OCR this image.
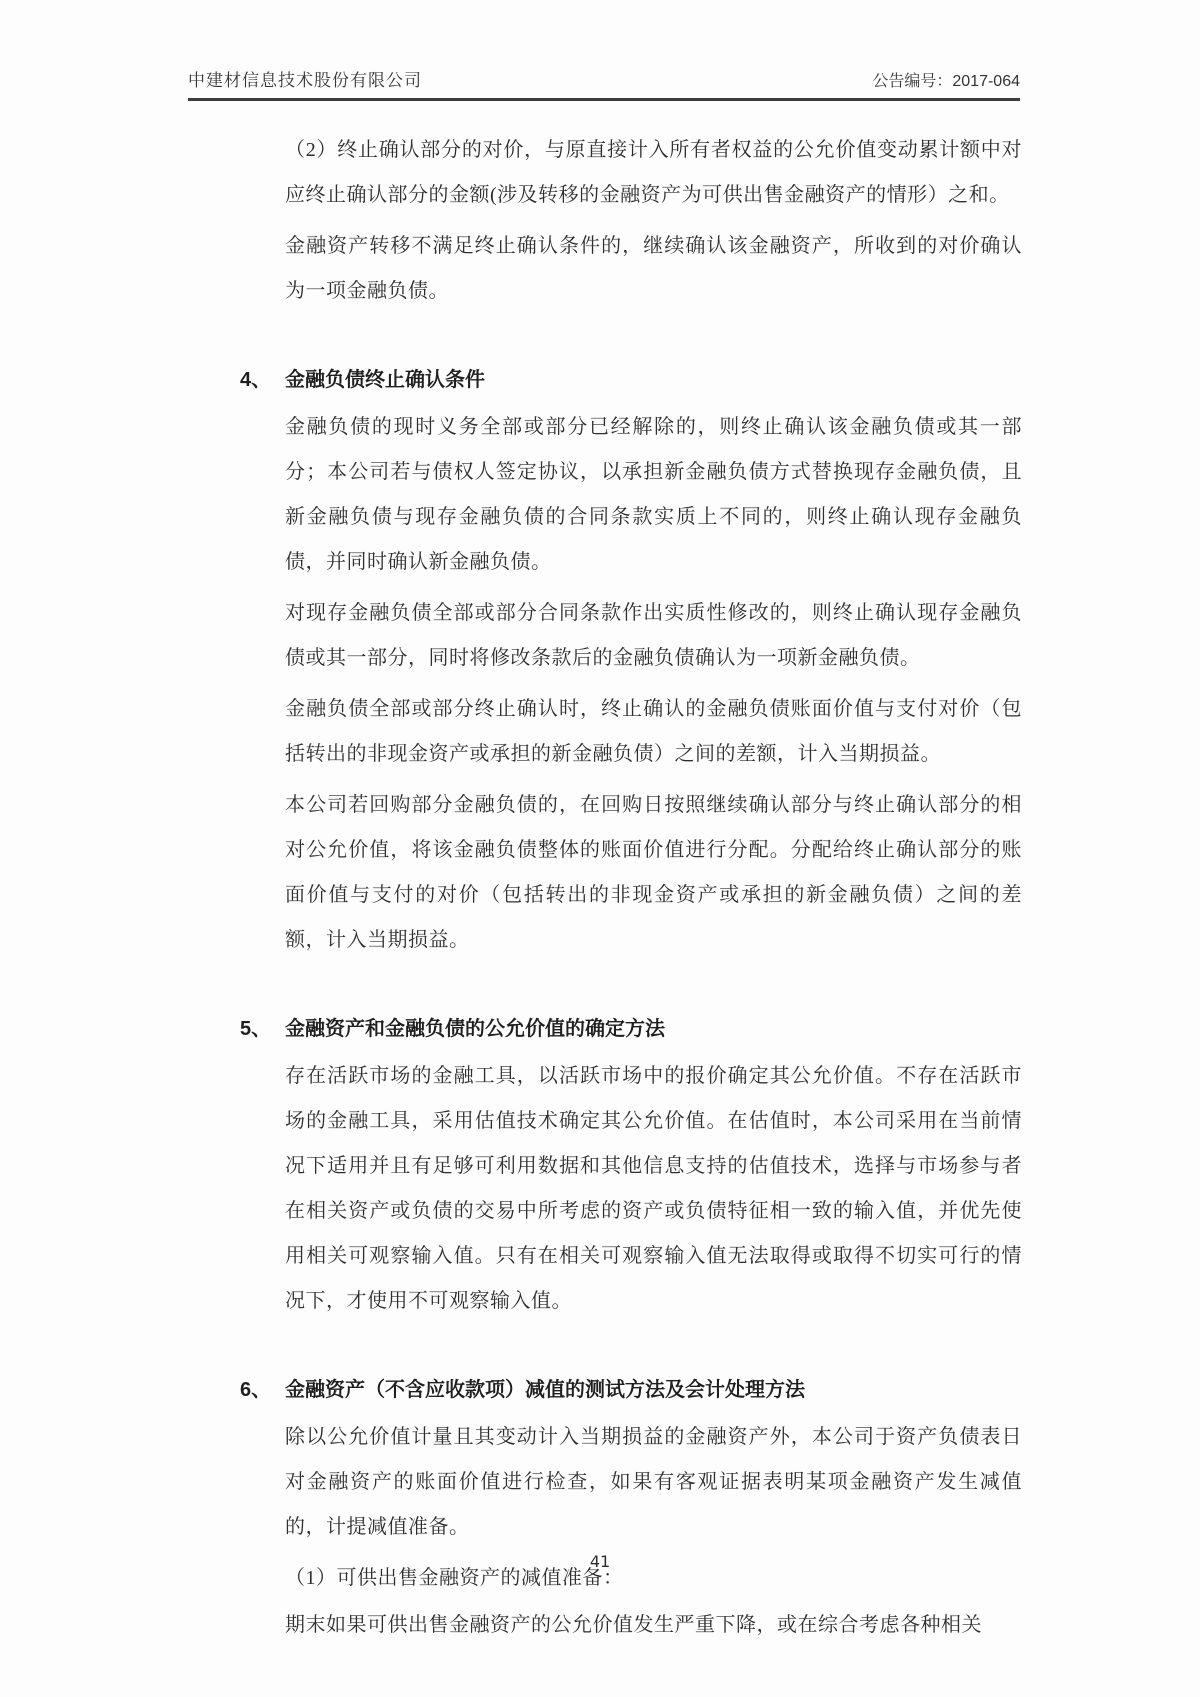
中建材信息技术股份有限公司	公告编号：2017-064

（2）终止确认部分的对价，与原直接计入所有者权益的公允价值变动累计额中对应终止确认部分的金额(涉及转移的金融资产为可供出售金融资产的情形）之和。

金融资产转移不满足终止确认条件的，继续确认该金融资产，所收到的对价确认为一项金融负债。

4、 金融负债终止确认条件

金融负债的现时义务全部或部分已经解除的，则终止确认该金融负债或其一部分；本公司若与债权人签定协议，以承担新金融负债方式替换现存金融负债，且新金融负债与现存金融负债的合同条款实质上不同的，则终止确认现存金融负债，并同时确认新金融负债。

对现存金融负债全部或部分合同条款作出实质性修改的，则终止确认现存金融负债或其一部分，同时将修改条款后的金融负债确认为一项新金融负债。

金融负债全部或部分终止确认时，终止确认的金融负债账面价值与支付对价（包括转出的非现金资产或承担的新金融负债）之间的差额，计入当期损益。

本公司若回购部分金融负债的，在回购日按照继续确认部分与终止确认部分的相对公允价值，将该金融负债整体的账面价值进行分配。分配给终止确认部分的账面价值与支付的对价（包括转出的非现金资产或承担的新金融负债）之间的差额，计入当期损益。

5、 金融资产和金融负债的公允价值的确定方法

存在活跃市场的金融工具，以活跃市场中的报价确定其公允价值。不存在活跃市场的金融工具，采用估值技术确定其公允价值。在估值时，本公司采用在当前情况下适用并且有足够可利用数据和其他信息支持的估值技术，选择与市场参与者在相关资产或负债的交易中所考虑的资产或负债特征相一致的输入值，并优先使用相关可观察输入值。只有在相关可观察输入值无法取得或取得不切实可行的情况下，才使用不可观察输入值。

6、 金融资产（不含应收款项）减值的测试方法及会计处理方法

除以公允价值计量且其变动计入当期损益的金融资产外，本公司于资产负债表日对金融资产的账面价值进行检查，如果有客观证据表明某项金融资产发生减值的，计提减值准备。

（1）可供出售金融资产的减值准备：

期末如果可供出售金融资产的公允价值发生严重下降，或在综合考虑各种相关

41
